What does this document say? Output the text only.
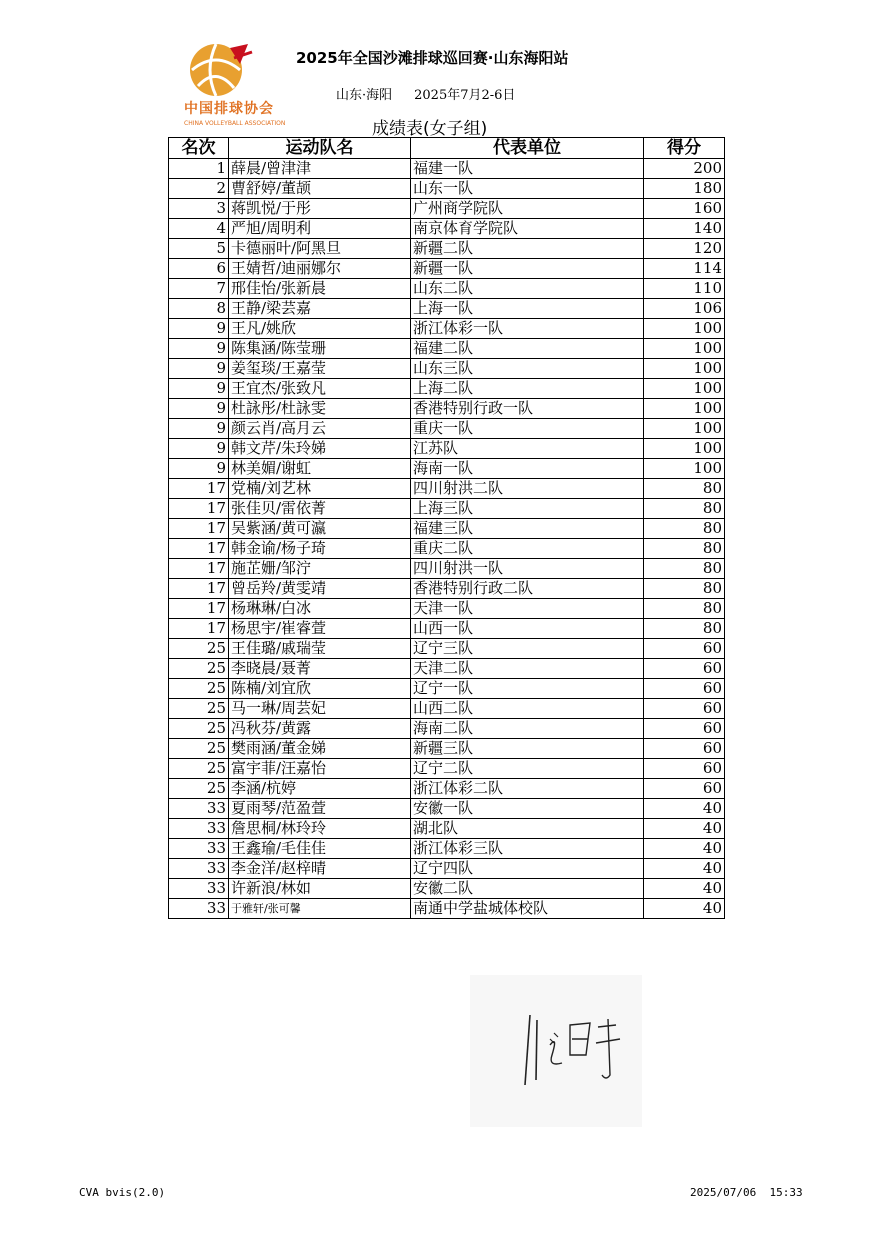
中国排球协会
CHINA VOLLEYBALL ASSOCIATION
2025年全国沙滩排球巡回赛·山东海阳站
山东·海阳 2025年7月2-6日
成绩表(女子组)
名次	运动队名	代表单位	得分
1	薛晨/曾津津	福建一队	200
2	曹舒婷/董颉	山东一队	180
3	蒋凯悦/于彤	广州商学院队	160
4	严旭/周明利	南京体育学院队	140
5	卡德丽叶/阿黑旦	新疆二队	120
6	王婧哲/迪丽娜尔	新疆一队	114
7	邢佳怡/张新晨	山东二队	110
8	王静/梁芸嘉	上海一队	106
9	王凡/姚欣	浙江体彩一队	100
9	陈集涵/陈莹珊	福建二队	100
9	姜玺琰/王嘉莹	山东三队	100
9	王宜杰/张致凡	上海二队	100
9	杜詠彤/杜詠雯	香港特别行政一队	100
9	颜云肖/高月云	重庆一队	100
9	韩文芹/朱玲娣	江苏队	100
9	林美媚/谢虹	海南一队	100
17	党楠/刘艺林	四川射洪二队	80
17	张佳贝/雷依菁	上海三队	80
17	吴紫涵/黄可瀛	福建三队	80
17	韩金谕/杨子琦	重庆二队	80
17	施芷姗/邹泞	四川射洪一队	80
17	曾岳羚/黄雯靖	香港特别行政二队	80
17	杨琳琳/白冰	天津一队	80
17	杨思宇/崔睿萱	山西一队	80
25	王佳璐/戚瑞莹	辽宁三队	60
25	李晓晨/聂菁	天津二队	60
25	陈楠/刘宜欣	辽宁一队	60
25	马一琳/周芸妃	山西二队	60
25	冯秋芬/黄露	海南二队	60
25	樊雨涵/董金娣	新疆三队	60
25	富宇菲/汪嘉怡	辽宁二队	60
25	李涵/杭婷	浙江体彩二队	60
33	夏雨琴/范盈萱	安徽一队	40
33	詹思桐/林玲玲	湖北队	40
33	王鑫瑜/毛佳佳	浙江体彩三队	40
33	李金洋/赵梓晴	辽宁四队	40
33	许新浪/林如	安徽二队	40
33	于雅轩/张可馨	南通中学盐城体校队	40
CVA bvis(2.0)	2025/07/06  15:33
